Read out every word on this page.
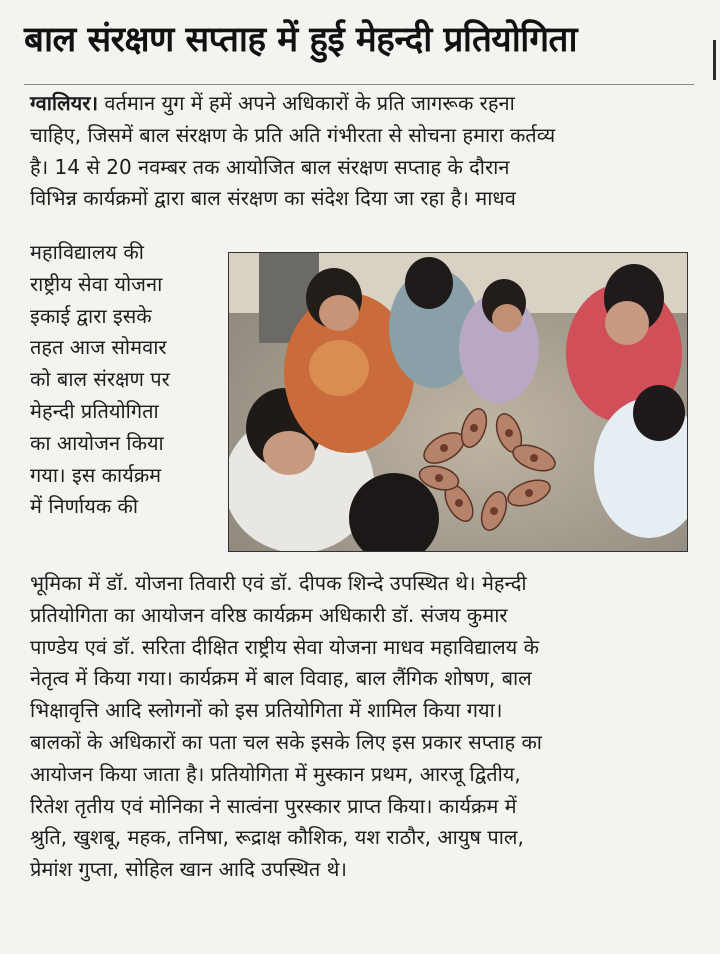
बाल संरक्षण सप्ताह में हुई मेहन्दी प्रतियोगिता
ग्वालियर। वर्तमान युग में हमें अपने अधिकारों के प्रति जागरूक रहना
चाहिए, जिसमें बाल संरक्षण के प्रति अति गंभीरता से सोचना हमारा कर्तव्य
है। 14 से 20 नवम्बर तक आयोजित बाल संरक्षण सप्ताह के दौरान
विभिन्न कार्यक्रमों द्वारा बाल संरक्षण का संदेश दिया जा रहा है। माधव
महाविद्यालय की
राष्ट्रीय सेवा योजना
इकाई द्वारा इसके
तहत आज सोमवार
को बाल संरक्षण पर
मेहन्दी प्रतियोगिता
का आयोजन किया
गया। इस कार्यक्रम
में निर्णायक की
भूमिका में डॉ. योजना तिवारी एवं डॉ. दीपक शिन्दे उपस्थित थे। मेहन्दी
प्रतियोगिता का आयोजन वरिष्ठ कार्यक्रम अधिकारी डॉ. संजय कुमार
पाण्डेय एवं डॉ. सरिता दीक्षित राष्ट्रीय सेवा योजना माधव महाविद्यालय के
नेतृत्व में किया गया। कार्यक्रम में बाल विवाह, बाल लैंगिक शोषण, बाल
भिक्षावृत्ति आदि स्लोगनों को इस प्रतियोगिता में शामिल किया गया।
बालकों के अधिकारों का पता चल सके इसके लिए इस प्रकार सप्ताह का
आयोजन किया जाता है। प्रतियोगिता में मुस्कान प्रथम, आरजू द्वितीय,
रितेश तृतीय एवं मोनिका ने सात्वंना पुरस्कार प्राप्त किया। कार्यक्रम में
श्रुति, खुशबू, महक, तनिषा, रूद्राक्ष कौशिक, यश राठौर, आयुष पाल,
प्रेमांश गुप्ता, सोहिल खान आदि उपस्थित थे।
